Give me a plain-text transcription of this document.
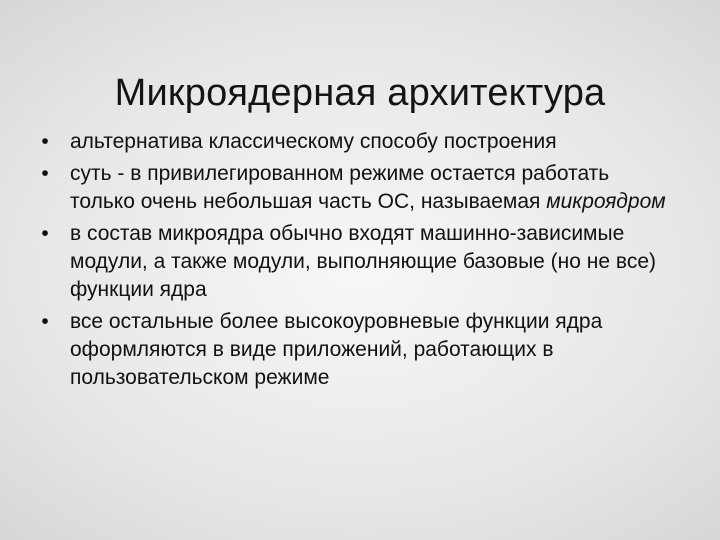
Микроядерная архитектура
• альтернатива классическому способу построения
• суть - в привилегированном режиме остается работать только очень небольшая часть ОС, называемая микроядром
• в состав микроядра обычно входят машинно-зависимые модули, а также модули, выполняющие базовые (но не все) функции ядра
• все остальные более высокоуровневые функции ядра оформляются в виде приложений, работающих в пользовательском режиме
